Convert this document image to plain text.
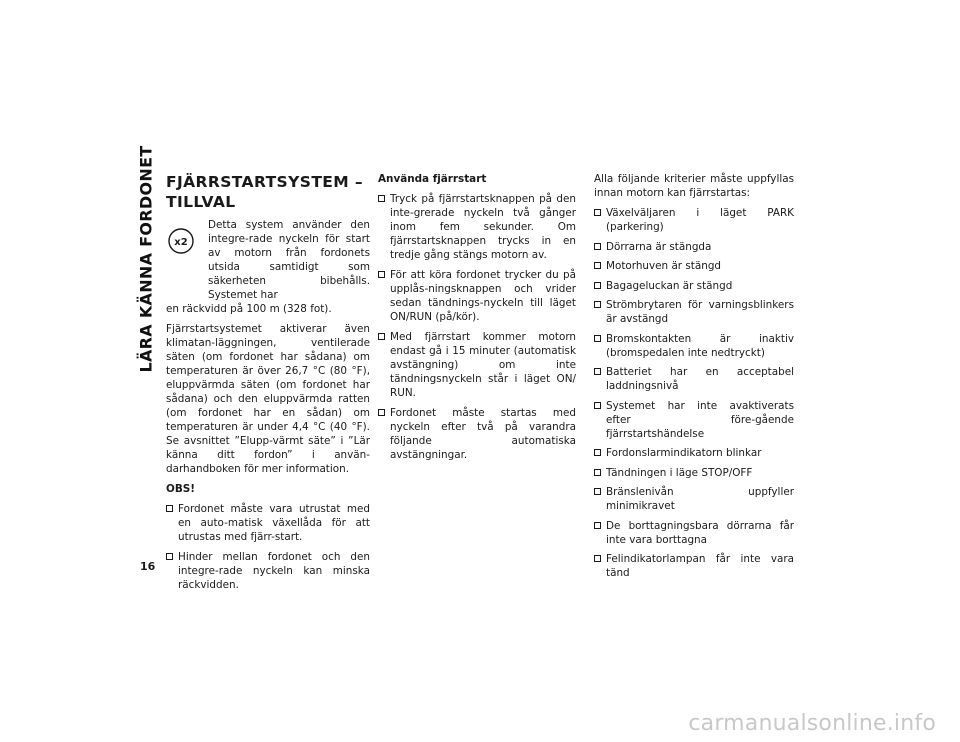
LÄRA KÄNNA FORDONET FJÄRRSTARTSYSTEM –
TILLVAL
x2
Detta system använder den integre-rade nyckeln för start av motorn från fordonets utsida samtidigt som säkerheten bibehålls. Systemet har

en räckvidd på 100 m (328 fot).

Fjärrstartsystemet aktiverar även klimatan-läggningen, ventilerade säten (om fordonet har sådana) om temperaturen är över 26,7 °C (80 °F), eluppvärmda säten (om fordonet har sådana) och den eluppvärmda ratten (om fordonet har en sådan) om temperaturen är under 4,4 °C (40 °F). Se avsnittet ”Elupp-värmt säte” i ”Lär känna ditt fordon” i använ-darhandboken för mer information.

OBS!
Fordonet måste vara utrustat med en auto-matisk växellåda för att utrustas med fjärr-start.
Hinder mellan fordonet och den integre-rade nyckeln kan minska räckvidden.
Använda fjärrstart
Tryck på fjärrstartsknappen på den inte-grerade nyckeln två gånger inom fem sekunder. Om fjärrstartsknappen trycks in en tredje gång stängs motorn av.
För att köra fordonet trycker du på upplås-ningsknappen och vrider sedan tändnings-nyckeln till läget ON/RUN (på/kör).
Med fjärrstart kommer motorn endast gå i 15 minuter (automatisk avstängning) om inte tändningsnyckeln står i läget ON/ RUN.
Fordonet måste startas med nyckeln efter två på varandra följande automatiska avstängningar.

Alla följande kriterier måste uppfyllas innan motorn kan fjärrstartas:

Växelväljaren i läget PARK (parkering)
Dörrarna är stängda
Motorhuven är stängd
Bagageluckan är stängd
Strömbrytaren för varningsblinkers är avstängd
Bromskontakten är inaktiv (bromspedalen inte nedtryckt)
Batteriet har en acceptabel laddningsnivå
Systemet har inte avaktiverats efter före-gående fjärrstartshändelse
Fordonslarmindikatorn blinkar
Tändningen i läge STOP/OFF
Bränslenivån uppfyller minimikravet
De borttagningsbara dörrarna får inte vara borttagna
Felindikatorlampan får inte vara tänd
16
carmanualsonline.info
